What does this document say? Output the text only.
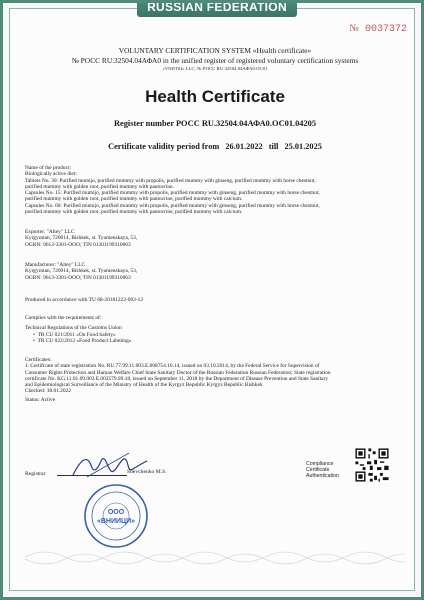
RUSSIAN FEDERATION
№ 0037372
VOLUNTARY CERTIFICATION SYSTEM «Health certificate»
№ РОСС RU.32504.04АФА0 in the unified register of registered voluntary certification systems
«VNIITSI» LLC, № РОСС RU.32504.04АФА0.ОС01
Health Certificate
Register number РОСС RU.32504.04АФА0.ОС01.04205
Certificate validity period from 26.01.2022 till 25.01.2025
Name of the product:
Biologically active diet:
Tablets No. 30: Purified mumijo, purified mummy with propolis, purified mummy with ginseng, purified mummy with horse chestnut,
purified mummy with golden root, purified mummy with pantocrine.
Capsules No. 15: Purified mumijo, purified mummy with propolis, purified mummy with ginseng, purified mummy with horse chestnut,
purified mummy with golden root, purified mummy with pantocrine, purified mummy with calcium.
Capsules No. 60: Purified mumijo, purified mummy with propolis, purified mummy with ginseng, purified mummy with horse chestnut,
purified mummy with golden root, purified mummy with pantocrine, purified mummy with calcium.
Exporter: "Altey" LLC
Kyrgyzstan, 720014, Bishkek, st. Tyumenskaya, 53,
OGRN: 9613-3301-ООО; TIN 01301199310063
Manufacturer: "Altey" LLC
Kyrgyzstan, 720014, Bishkek, st. Tyumenskaya, 53,
OGRN: 9613-3301-ООО; TIN 01301199310063
Produced in accordance with TU 68-20181222-003-12
Complies with the requirements of:
Technical Regulations of the Customs Union
•  TR CU 021/2011 «On Food Safety»
•  TR CU 022/2012 «Food Product Labeling»
Certificates:
1. Certificate of state registration No. RU.77.99.11.003.E.008754.10.14, issued on 03.10.2014, by the Federal Service for Supervision of
Consumer Rights Protection and Human Welfare Chief State Sanitary Doctor of the Russian Federation Russian Federation; State registration
certificate No. KG.11.01.09.003.E.003579.09.18, issued on September 11, 2018 by the Department of Disease Prevention and State Sanitary
and Epidemiological Surveillance of the Ministry of Health of the Kyrgyz Republic Kyrgyz Republic Bishkek
Checked: 18.01.2022
Status: Active
Registrar	Shevchenko M.S.
ООО
«ВНИИЦИ»
Compliance
Certificate
Authentication
